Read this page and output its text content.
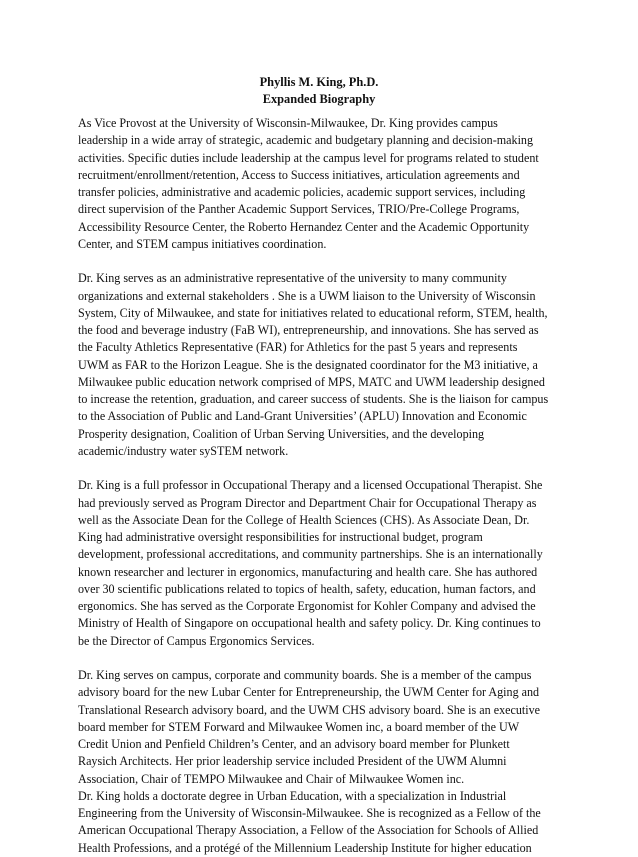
Phyllis M. King, Ph.D.
Expanded Biography
As Vice Provost at the University of Wisconsin-Milwaukee, Dr. King provides campus
leadership in a wide array of strategic, academic and budgetary planning and decision-making
activities. Specific duties include leadership at the campus level for programs related to student
recruitment/enrollment/retention, Access to Success initiatives, articulation agreements and
transfer policies, administrative and academic policies, academic support services, including
direct supervision of the Panther Academic Support Services, TRIO/Pre-College Programs,
Accessibility Resource Center, the Roberto Hernandez Center and the Academic Opportunity
Center, and STEM campus initiatives coordination.
Dr. King serves as an administrative representative of the university to many community
organizations and external stakeholders . She is a UWM liaison to the University of Wisconsin
System, City of Milwaukee, and state for initiatives related to educational reform, STEM, health,
the food and beverage industry (FaB WI), entrepreneurship, and innovations. She has served as
the Faculty Athletics Representative (FAR) for Athletics for the past 5 years and represents
UWM as FAR to the Horizon League. She is the designated coordinator for the M3 initiative, a
Milwaukee public education network comprised of MPS, MATC and UWM leadership designed
to increase the retention, graduation, and career success of students. She is the liaison for campus
to the Association of Public and Land-Grant Universities’ (APLU) Innovation and Economic
Prosperity designation, Coalition of Urban Serving Universities, and the developing
academic/industry water sySTEM network.
Dr. King is a full professor in Occupational Therapy and a licensed Occupational Therapist. She
had previously served as Program Director and Department Chair for Occupational Therapy as
well as the Associate Dean for the College of Health Sciences (CHS). As Associate Dean, Dr.
King had administrative oversight responsibilities for instructional budget, program
development, professional accreditations, and community partnerships. She is an internationally
known researcher and lecturer in ergonomics, manufacturing and health care. She has authored
over 30 scientific publications related to topics of health, safety, education, human factors, and
ergonomics. She has served as the Corporate Ergonomist for Kohler Company and advised the
Ministry of Health of Singapore on occupational health and safety policy. Dr. King continues to
be the Director of Campus Ergonomics Services.
Dr. King serves on campus, corporate and community boards. She is a member of the campus
advisory board for the new Lubar Center for Entrepreneurship, the UWM Center for Aging and
Translational Research advisory board, and the UWM CHS advisory board. She is an executive
board member for STEM Forward and Milwaukee Women inc, a board member of the UW
Credit Union and Penfield Children’s Center, and an advisory board member for Plunkett
Raysich Architects. Her prior leadership service included President of the UWM Alumni
Association, Chair of TEMPO Milwaukee and Chair of Milwaukee Women inc.
Dr. King holds a doctorate degree in Urban Education, with a specialization in Industrial
Engineering from the University of Wisconsin-Milwaukee. She is recognized as a Fellow of the
American Occupational Therapy Association, a Fellow of the Association for Schools of Allied
Health Professions, and a protégé of the Millennium Leadership Institute for higher education
